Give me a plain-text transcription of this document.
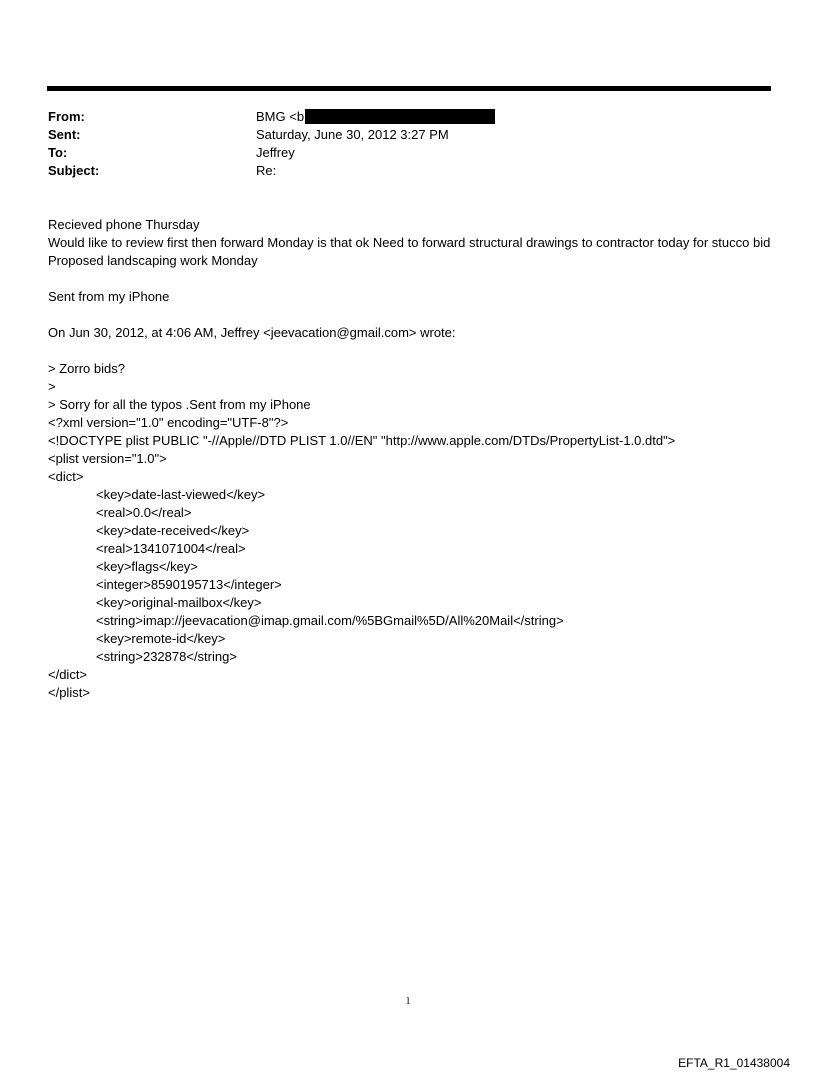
From:	BMG <b
Sent:	Saturday, June 30, 2012 3:27 PM
To:	Jeffrey
Subject:	Re:
Recieved phone Thursday
Would like to review first then forward Monday is that ok Need to forward structural drawings to contractor today for stucco bid Proposed landscaping work Monday
Sent from my iPhone
On Jun 30, 2012, at 4:06 AM, Jeffrey <jeevacation@gmail.com> wrote:
> Zorro bids?
>
> Sorry for all the typos .Sent from my iPhone
<?xml version="1.0" encoding="UTF-8"?>
<!DOCTYPE plist PUBLIC "-//Apple//DTD PLIST 1.0//EN" "http://www.apple.com/DTDs/PropertyList-1.0.dtd">
<plist version="1.0">
<dict>
<key>date-last-viewed</key>
<real>0.0</real>
<key>date-received</key>
<real>1341071004</real>
<key>flags</key>
<integer>8590195713</integer>
<key>original-mailbox</key>
<string>imap://jeevacation@imap.gmail.com/%5BGmail%5D/All%20Mail</string>
<key>remote-id</key>
<string>232878</string>
</dict>
</plist>
1
EFTA_R1_01438004
